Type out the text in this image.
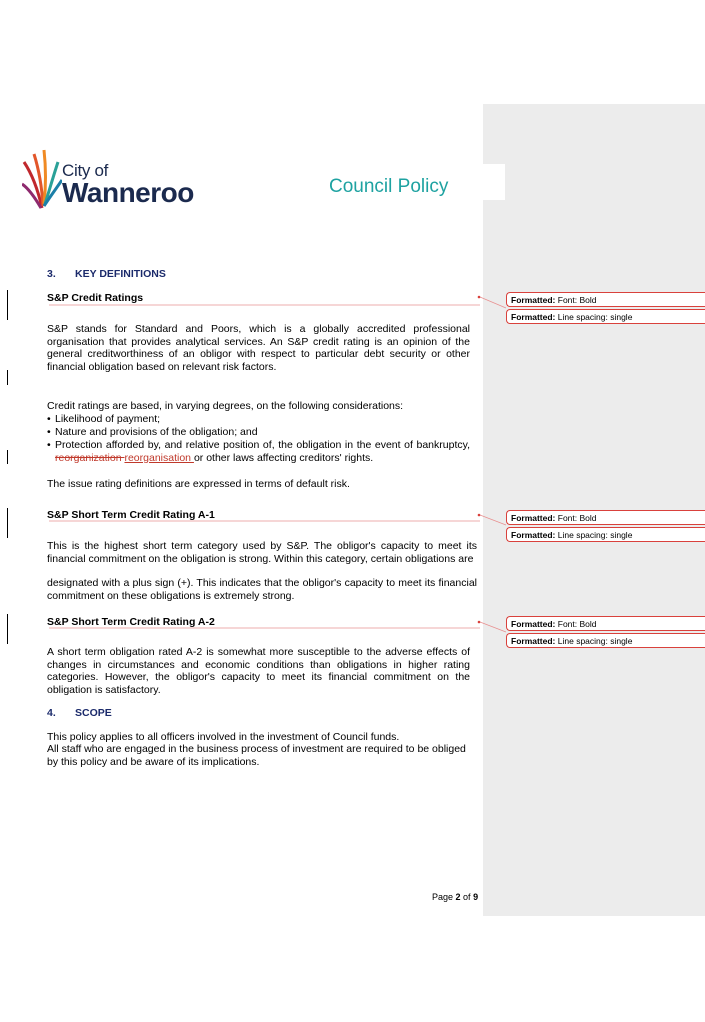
City of
Wanneroo	Council Policy
3. KEY DEFINITIONS
S&P Credit Ratings
S&P stands for Standard and Poors, which is a globally accredited professional organisation that provides analytical services. An S&P credit rating is an opinion of the general creditworthiness of an obligor with respect to particular debt security or other financial obligation based on relevant risk factors.
Credit ratings are based, in varying degrees, on the following considerations:
• Likelihood of payment;
• Nature and provisions of the obligation; and
• Protection afforded by, and relative position of, the obligation in the event of bankruptcy, reorganization reorganisation or other laws affecting creditors' rights.
The issue rating definitions are expressed in terms of default risk.
S&P Short Term Credit Rating A-1
This is the highest short term category used by S&P. The obligor's capacity to meet its financial commitment on the obligation is strong. Within this category, certain obligations are
designated with a plus sign (+). This indicates that the obligor's capacity to meet its financial commitment on these obligations is extremely strong.
S&P Short Term Credit Rating A-2
A short term obligation rated A-2 is somewhat more susceptible to the adverse effects of changes in circumstances and economic conditions than obligations in higher rating categories. However, the obligor's capacity to meet its financial commitment on the obligation is satisfactory.
4. SCOPE
This policy applies to all officers involved in the investment of Council funds.
All staff who are engaged in the business process of investment are required to be obliged by this policy and be aware of its implications.
Page 2 of 9
Formatted: Font: Bold
Formatted: Line spacing: single
Formatted: Font: Bold
Formatted: Line spacing: single
Formatted: Font: Bold
Formatted: Line spacing: single
